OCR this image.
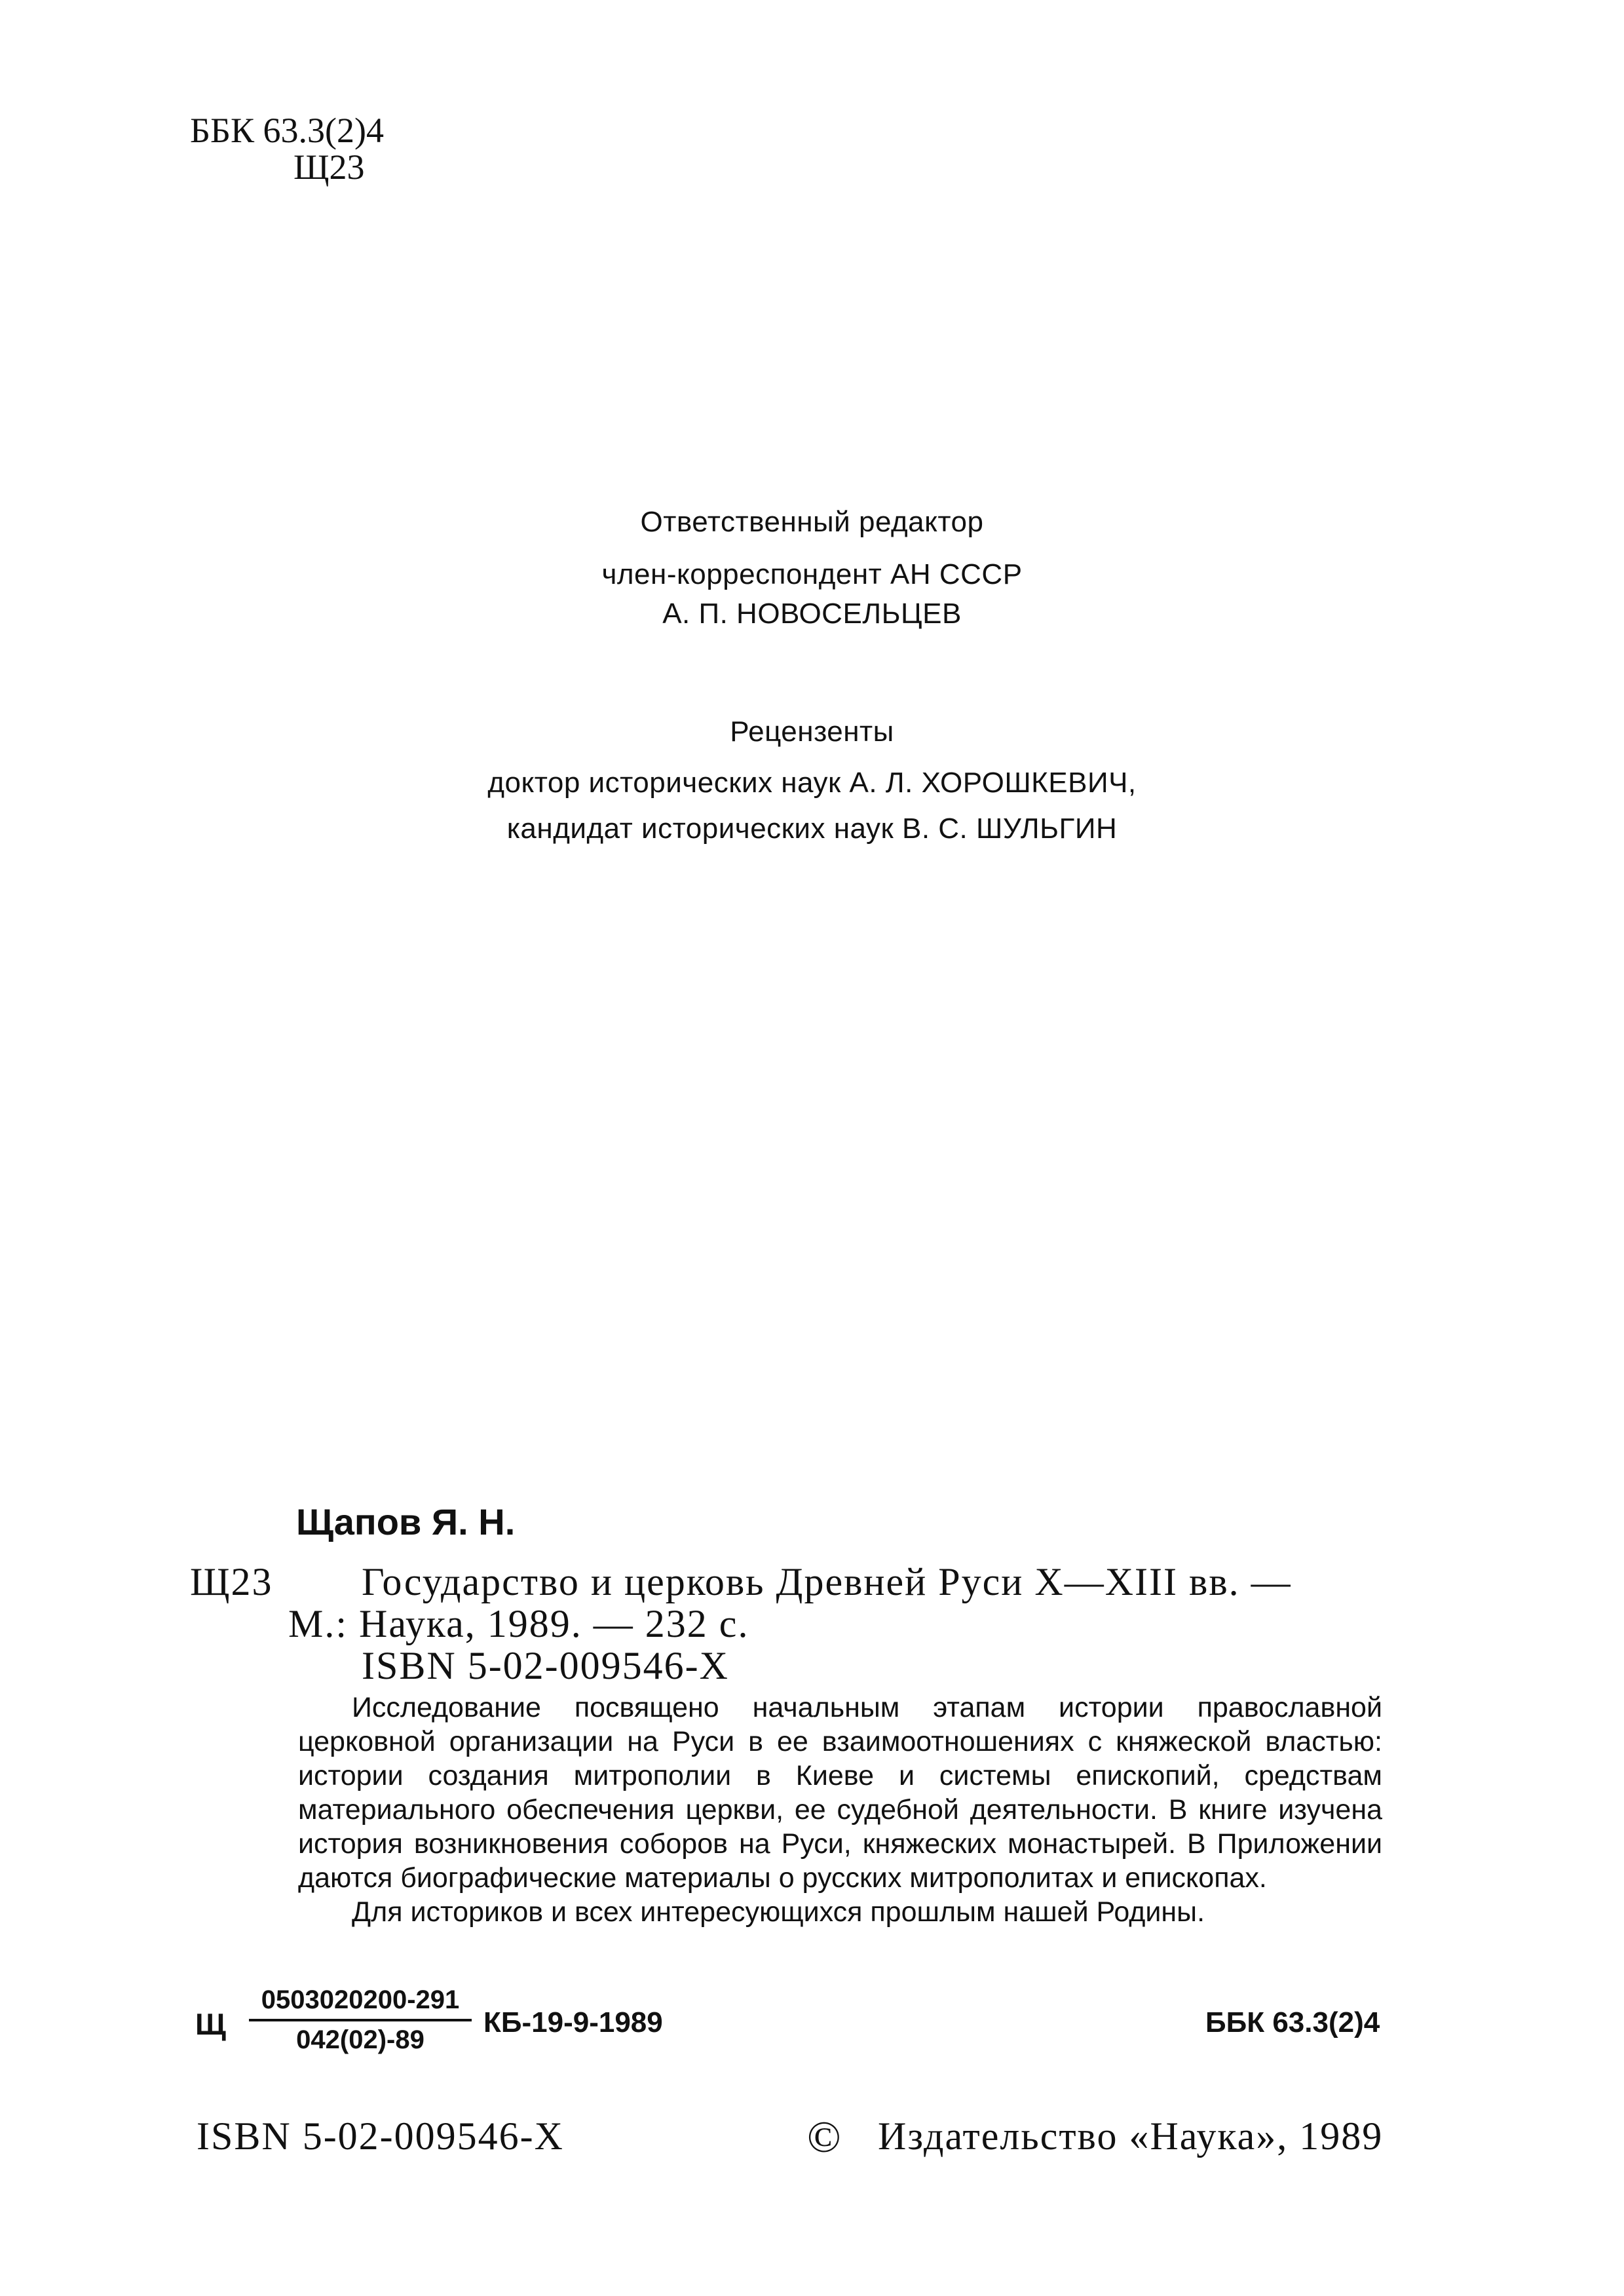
ББК 63.3(2)4
Щ23
Ответственный редактор
член-корреспондент АН СССР
А. П. НОВОСЕЛЬЦЕВ
Рецензенты
доктор исторических наук А. Л. ХОРОШКЕВИЧ,
кандидат исторических наук В. С. ШУЛЬГИН
Щапов Я. Н.
Щ23 Государство и церковь Древней Руси X—XIII вв. —
М.: Наука, 1989. — 232 с.
ISBN 5-02-009546-X

Исследование посвящено начальным этапам истории православной церковной организации на Руси в ее взаимоотношениях с княжеской властью: истории создания митрополии в Киеве и системы епископий, средствам материального обеспечения церкви, ее судебной деятельности. В книге изучена история возникновения соборов на Руси, княжеских монастырей. В Приложении даются биографические материалы о русских митрополитах и епископах.

Для историков и всех интересующихся прошлым нашей Родины.

Щ $\frac{0503020200-291}{042(02)-89} КБ-19-9-1989$	ББК 63.3(2)4
ISBN 5-02-009546-X	© Издательство «Наука», 1989
